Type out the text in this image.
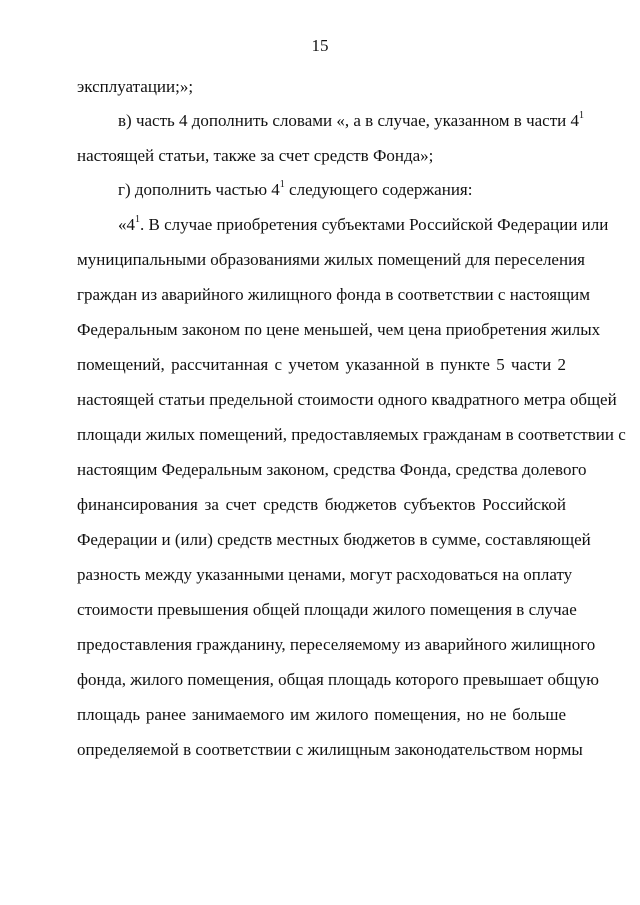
15
эксплуатации;»;
в) часть 4 дополнить словами «, а в случае, указанном в части $4^1$
настоящей статьи, также за счет средств Фонда»;
г) дополнить частью $4^1$ следующего содержания:
«$4^1$. В случае приобретения субъектами Российской Федерации или
муниципальными образованиями жилых помещений для переселения
граждан из аварийного жилищного фонда в соответствии с настоящим
Федеральным законом по цене меньшей, чем цена приобретения жилых
помещений, рассчитанная с учетом указанной в пункте 5 части 2
настоящей статьи предельной стоимости одного квадратного метра общей
площади жилых помещений, предоставляемых гражданам в соответствии с
настоящим Федеральным законом, средства Фонда, средства долевого
финансирования за счет средств бюджетов субъектов Российской
Федерации и (или) средств местных бюджетов в сумме, составляющей
разность между указанными ценами, могут расходоваться на оплату
стоимости превышения общей площади жилого помещения в случае
предоставления гражданину, переселяемому из аварийного жилищного
фонда, жилого помещения, общая площадь которого превышает общую
площадь ранее занимаемого им жилого помещения, но не больше
определяемой в соответствии с жилищным законодательством нормы
